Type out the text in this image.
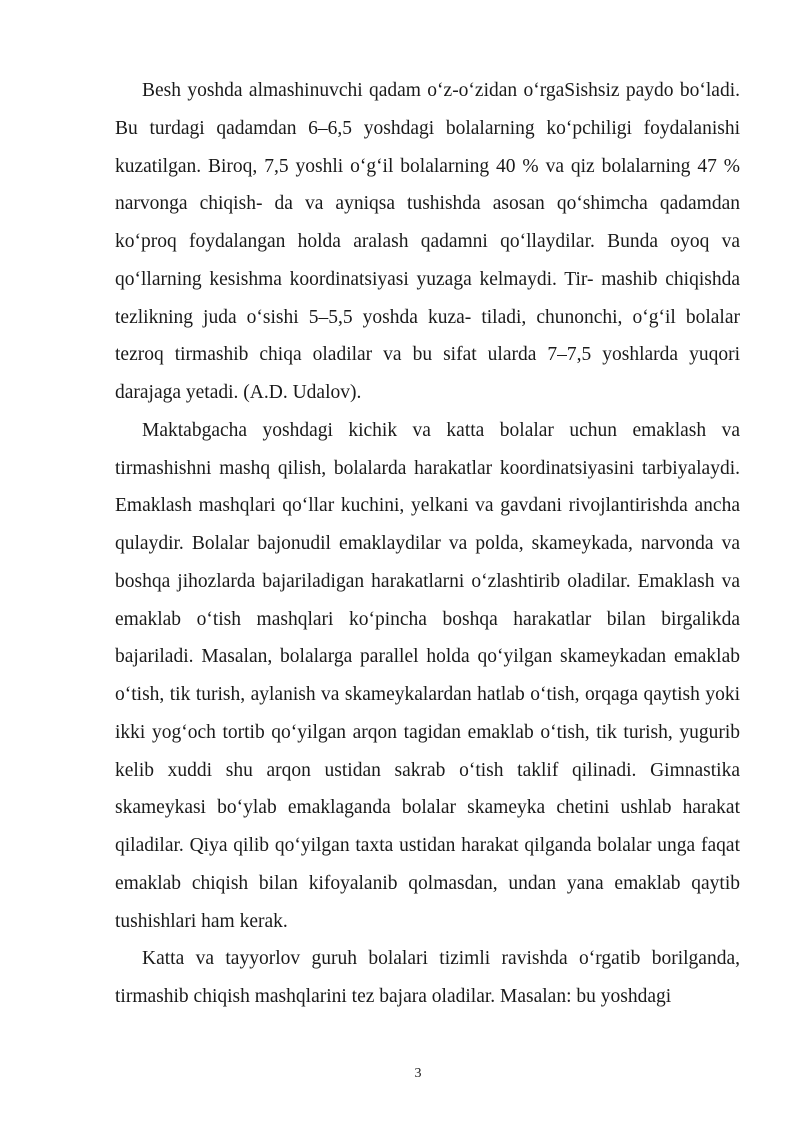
Besh yoshda almashinuvchi qadam o‘z-o‘zidan o‘rgaSishsiz paydo bo‘ladi. Bu turdagi qadamdan 6–6,5 yoshdagi bolalarning ko‘pchiligi foydalanishi kuzatilgan. Biroq, 7,5 yoshli o‘g‘il bolalarning 40 % va qiz bolalarning 47 % narvonga chiqish- da va ayniqsa tushishda asosan qo‘shimcha qadamdan ko‘proq foydalangan holda aralash qadamni qo‘llaydilar. Bunda oyoq va qo‘llarning kesishma koordinatsiyasi yuzaga kelmaydi. Tir- mashib chiqishda tezlikning juda o‘sishi 5–5,5 yoshda kuza- tiladi, chunonchi, o‘g‘il bolalar tezroq tirmashib chiqa oladilar va bu sifat ularda 7–7,5 yoshlarda yuqori darajaga yetadi. (A.D. Udalov).

Maktabgacha yoshdagi kichik va katta bolalar uchun emaklash va tirmashishni mashq qilish, bolalarda harakatlar koordinatsiyasini tarbiyalaydi. Emaklash mashqlari qo‘llar kuchini, yelkani va gavdani rivojlantirishda ancha qulaydir. Bolalar bajonudil emaklaydilar va polda, skameykada, narvonda va boshqa jihozlarda bajariladigan harakatlarni o‘zlashtirib oladilar. Emaklash va emaklab o‘tish mashqlari ko‘pincha boshqa harakatlar bilan birgalikda bajariladi. Masalan, bolalarga parallel holda qo‘yilgan skameykadan emaklab o‘tish, tik turish, aylanish va skameykalardan hatlab o‘tish, orqaga qaytish yoki ikki yog‘och tortib qo‘yilgan arqon tagidan emaklab o‘tish, tik turish, yugurib kelib xuddi shu arqon ustidan sakrab o‘tish taklif qilinadi. Gimnastika skameykasi bo‘ylab emaklaganda bolalar skameyka chetini ushlab harakat qiladilar. Qiya qilib qo‘yilgan taxta ustidan harakat qilganda bolalar unga faqat emaklab chiqish bilan kifoyalanib qolmasdan, undan yana emaklab qaytib tushishlari ham kerak.

Katta va tayyorlov guruh bolalari tizimli ravishda o‘rgatib borilganda, tirmashib chiqish mashqlarini tez bajara oladilar. Masalan: bu yoshdagi

3
